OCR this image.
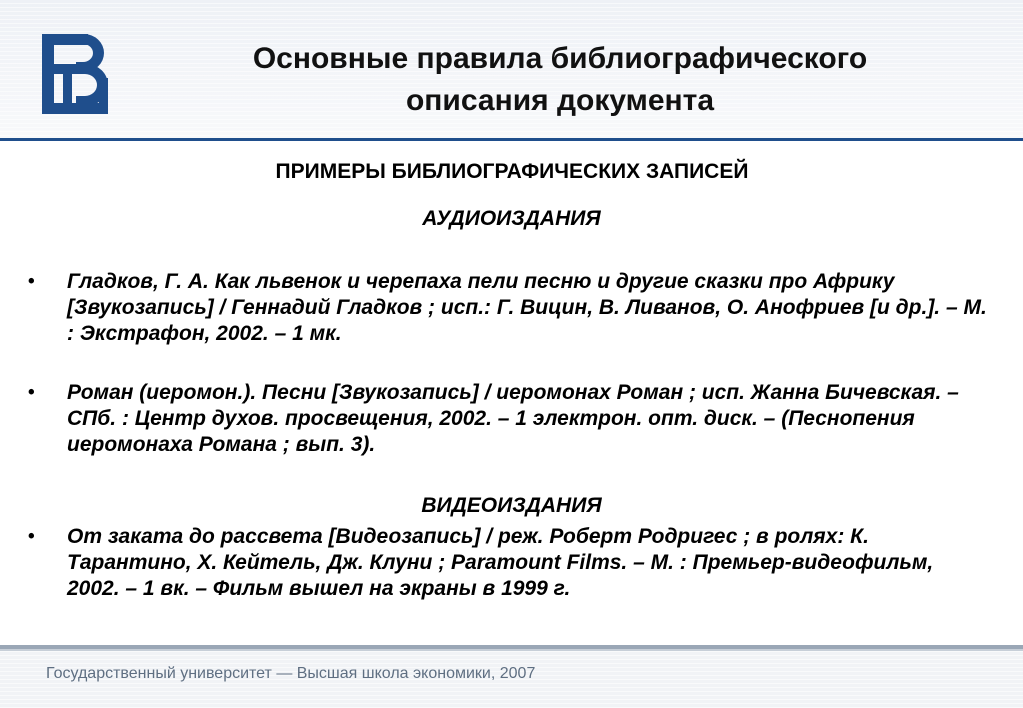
Основные правила библиографического
описания документа
ПРИМЕРЫ БИБЛИОГРАФИЧЕСКИХ ЗАПИСЕЙ
АУДИОИЗДАНИЯ
• Гладков, Г. А. Как львенок и черепаха пели песню и другие сказки про Африку [Звукозапись] / Геннадий Гладков ; исп.: Г. Вицин, В. Ливанов, О. Анофриев [и др.]. – М. : Экстрафон, 2002. – 1 мк.
• Роман (иеромон.). Песни [Звукозапись] / иеромонах Роман ; исп. Жанна Бичевская. – СПб. : Центр духов. просвещения, 2002. – 1 электрон. опт. диск. – (Песнопения иеромонаха Романа ; вып. 3).
ВИДЕОИЗДАНИЯ
• От заката до рассвета [Видеозапись] / реж. Роберт Родригес ; в ролях: К. Тарантино, Х. Кейтель, Дж. Клуни ; Paramount Films. – М. : Премьер-видеофильм, 2002. – 1 вк. – Фильм вышел на экраны в 1999 г.
Государственный университет — Высшая школа экономики, 2007
